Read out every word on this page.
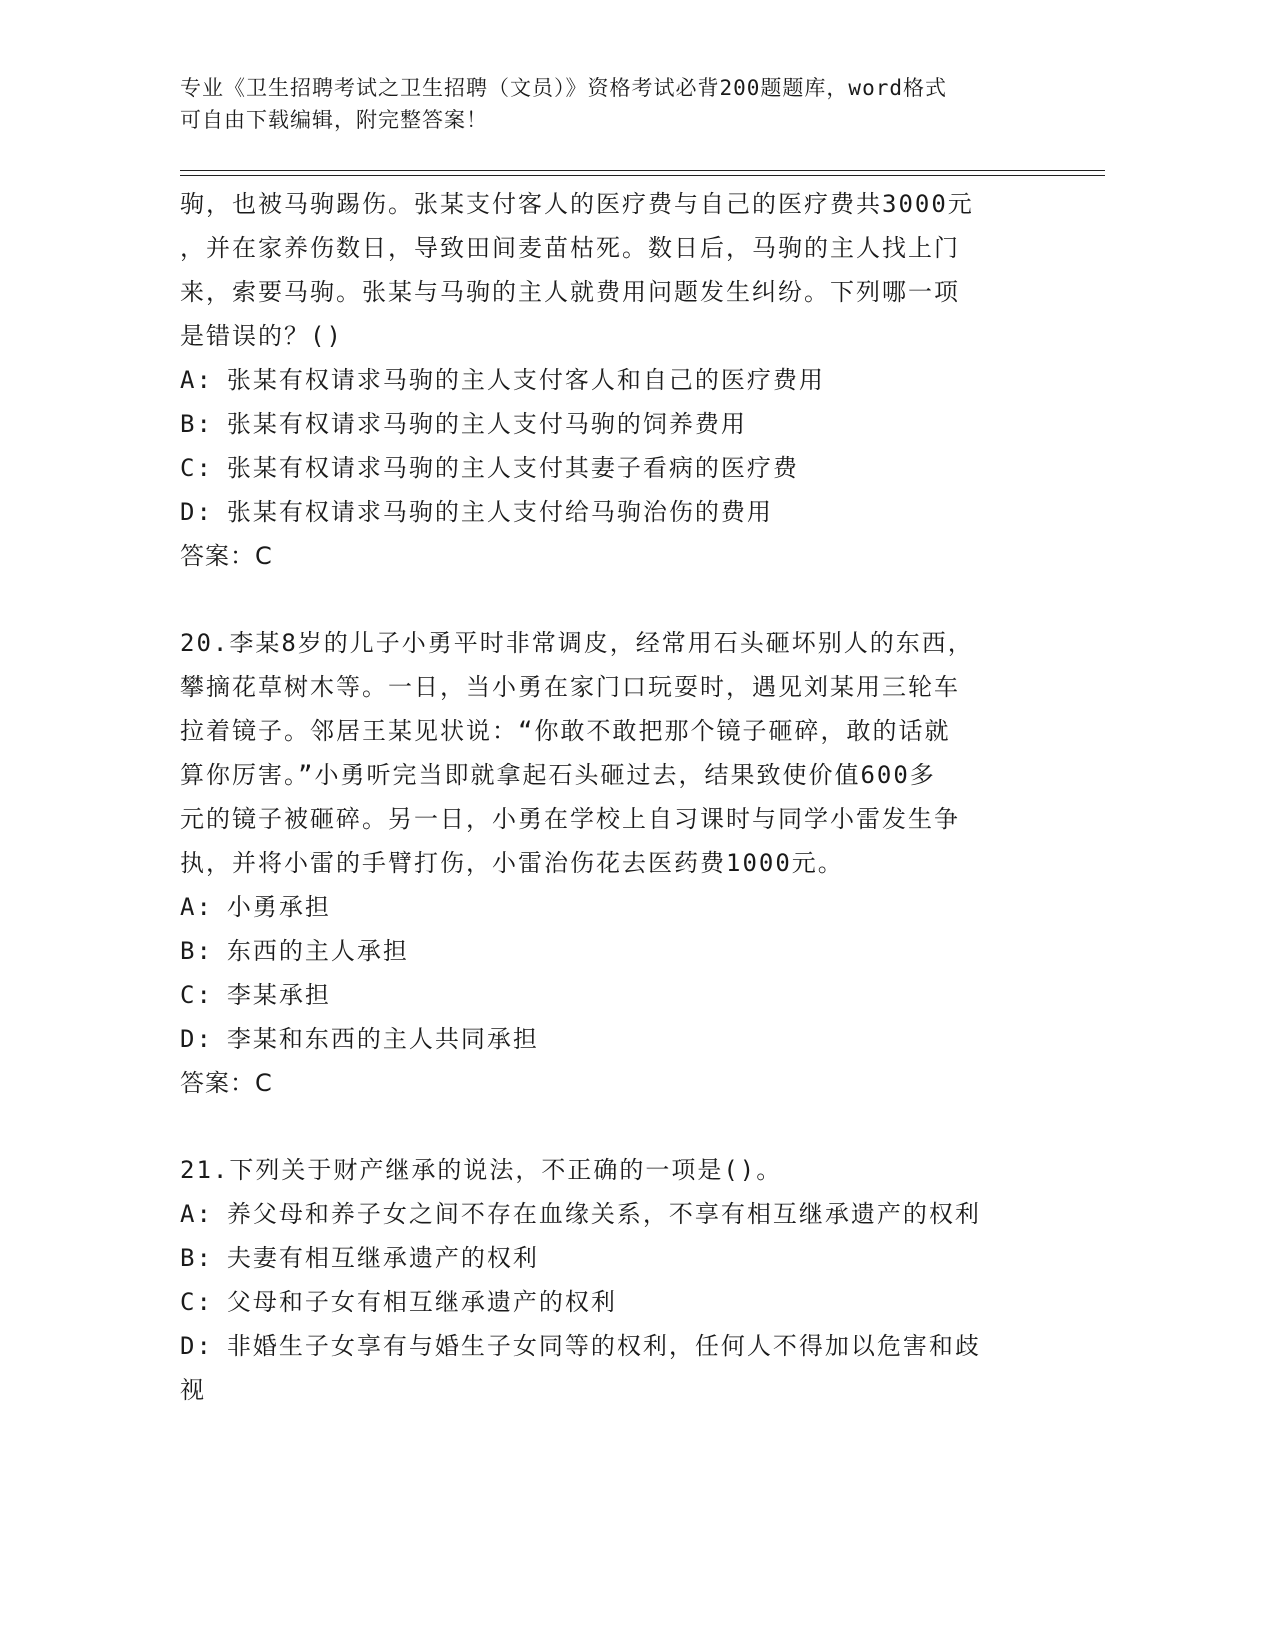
专业《卫生招聘考试之卫生招聘（文员）》资格考试必背200题题库，word格式
可自由下载编辑，附完整答案！

驹，也被马驹踢伤。张某支付客人的医疗费与自己的医疗费共3000元

，并在家养伤数日，导致田间麦苗枯死。数日后，马驹的主人找上门

来，索要马驹。张某与马驹的主人就费用问题发生纠纷。下列哪一项

是错误的？()

A: 张某有权请求马驹的主人支付客人和自己的医疗费用

B: 张某有权请求马驹的主人支付马驹的饲养费用

C: 张某有权请求马驹的主人支付其妻子看病的医疗费

D: 张某有权请求马驹的主人支付给马驹治伤的费用

答案：C

20.李某8岁的儿子小勇平时非常调皮，经常用石头砸坏别人的东西，

攀摘花草树木等。一日，当小勇在家门口玩耍时，遇见刘某用三轮车

拉着镜子。邻居王某见状说：“你敢不敢把那个镜子砸碎，敢的话就

算你厉害。”小勇听完当即就拿起石头砸过去，结果致使价值600多

元的镜子被砸碎。另一日，小勇在学校上自习课时与同学小雷发生争

执，并将小雷的手臂打伤，小雷治伤花去医药费1000元。

A: 小勇承担

B: 东西的主人承担

C: 李某承担

D: 李某和东西的主人共同承担

答案：C

21.下列关于财产继承的说法，不正确的一项是()。

A: 养父母和养子女之间不存在血缘关系，不享有相互继承遗产的权利

B: 夫妻有相互继承遗产的权利

C: 父母和子女有相互继承遗产的权利

D: 非婚生子女享有与婚生子女同等的权利，任何人不得加以危害和歧

视
